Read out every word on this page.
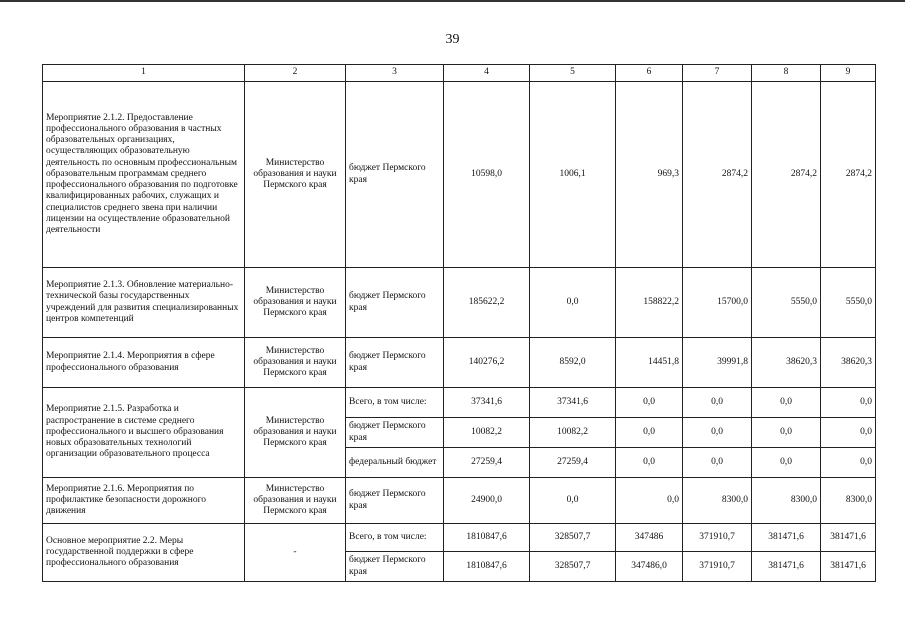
39
1	2	3	4	5	6	7	8	9
Мероприятие 2.1.2. Предоставление профессионального образования в частных образовательных организациях, осуществляющих образовательную деятельность по основным профессиональным образовательным программам среднего профессионального образования по подготовке квалифицированных рабочих, служащих и специалистов среднего звена при наличии лицензии на осуществление образовательной деятельности	Министерство образования и науки Пермского края	бюджет Пермского края	10598,0	1006,1	969,3	2874,2	2874,2	2874,2
Мероприятие 2.1.3. Обновление материально-технической базы государственных учреждений для развития специализированных центров компетенций	Министерство образования и науки Пермского края	бюджет Пермского края	185622,2	0,0	158822,2	15700,0	5550,0	5550,0
Мероприятие 2.1.4. Мероприятия в сфере профессионального образования	Министерство образования и науки Пермского края	бюджет Пермского края	140276,2	8592,0	14451,8	39991,8	38620,3	38620,3
Мероприятие 2.1.5. Разработка и распространение в системе среднего профессионального и высшего образования новых образовательных технологий организации образовательного процесса	Министерство образования и науки Пермского края	Всего, в том числе:	37341,6	37341,6	0,0	0,0	0,0	0,0
		бюджет Пермского края	10082,2	10082,2	0,0	0,0	0,0	0,0
		федеральный бюджет	27259,4	27259,4	0,0	0,0	0,0	0,0
Мероприятие 2.1.6. Мероприятия по профилактике безопасности дорожного движения	Министерство образования и науки Пермского края	бюджет Пермского края	24900,0	0,0	0,0	8300,0	8300,0	8300,0
Основное мероприятие 2.2. Меры государственной поддержки в сфере профессионального образования	-	Всего, в том числе:	1810847,6	328507,7	347486	371910,7	381471,6	381471,6
		бюджет Пермского края	1810847,6	328507,7	347486,0	371910,7	381471,6	381471,6
